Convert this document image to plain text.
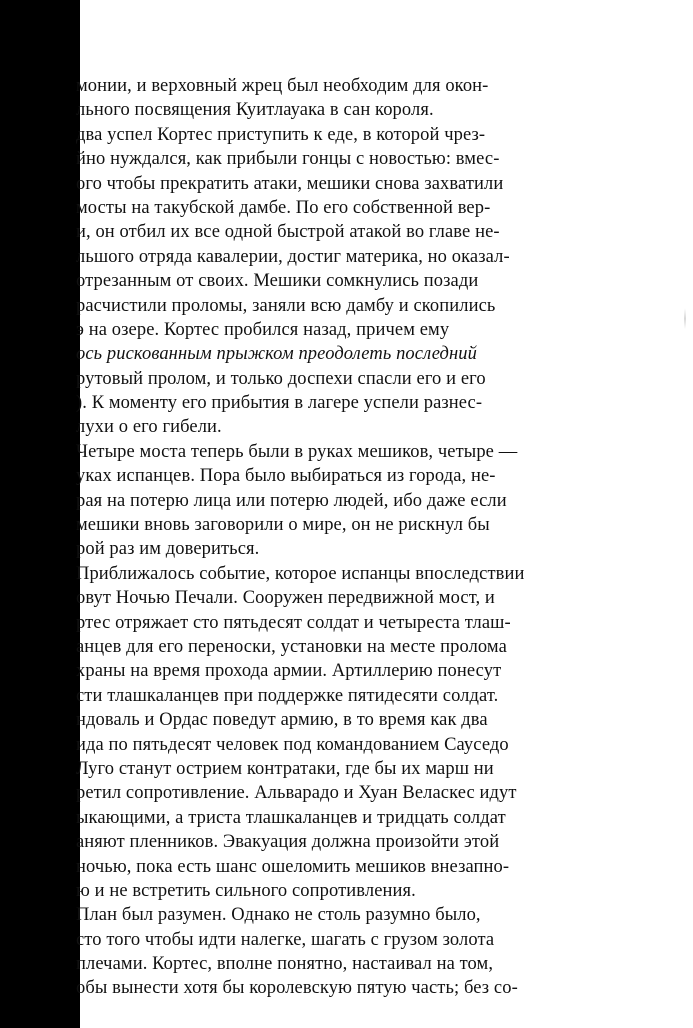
монии, и верховный жрец был необходим для окон-
льного посвящения Куитлауака в сан короля.
два успел Кортес приступить к еде, в которой чрез-
йно нуждался, как прибыли гонцы с новостью: вмес-
ого чтобы прекратить атаки, мешики снова захватили
мосты на такубской дамбе. По его собственной вер-
и, он отбил их все одной быстрой атакой во главе не-
льшого отряда кавалерии, достиг материка, но оказал-
отрезанным от своих. Мешики сомкнулись позади
расчистили проломы, заняли всю дамбу и скопились
э на озере. Кортес пробился назад, причем ему
ось рискованным прыжком преодолеть последний
рутовый пролом, и только доспехи спасли его и его
). К моменту его прибытия в лагере успели разнес-
лухи о его гибели.
Четыре моста теперь были в руках мешиков, четыре —
уках испанцев. Пора было выбираться из города, не-
рая на потерю лица или потерю людей, ибо даже если
мешики вновь заговорили о мире, он не рискнул бы
рой раз им довериться.
Приближалось событие, которое испанцы впоследствии
овут Ночью Печали. Сооружен передвижной мост, и
ртес отряжает сто пятьдесят солдат и четыреста тлаш-
анцев для его переноски, установки на месте пролома
храны на время прохода армии. Артиллерию понесут
сти тлашкаланцев при поддержке пятидесяти солдат.
ндоваль и Ордас поведут армию, в то время как два
ида по пятьдесят человек под командованием Сауседо
Луго станут острием контратаки, где бы их марш ни
ретил сопротивление. Альварадо и Хуан Веласкес идут
ыкающими, а триста тлашкаланцев и тридцать солдат
аняют пленников. Эвакуация должна произойти этой
ночью, пока есть шанс ошеломить мешиков внезапно-
ю и не встретить сильного сопротивления.
План был разумен. Однако не столь разумно было,
сто того чтобы идти налегке, шагать с грузом золота
плечами. Кортес, вполне понятно, настаивал на том,
обы вынести хотя бы королевскую пятую часть; без со-
